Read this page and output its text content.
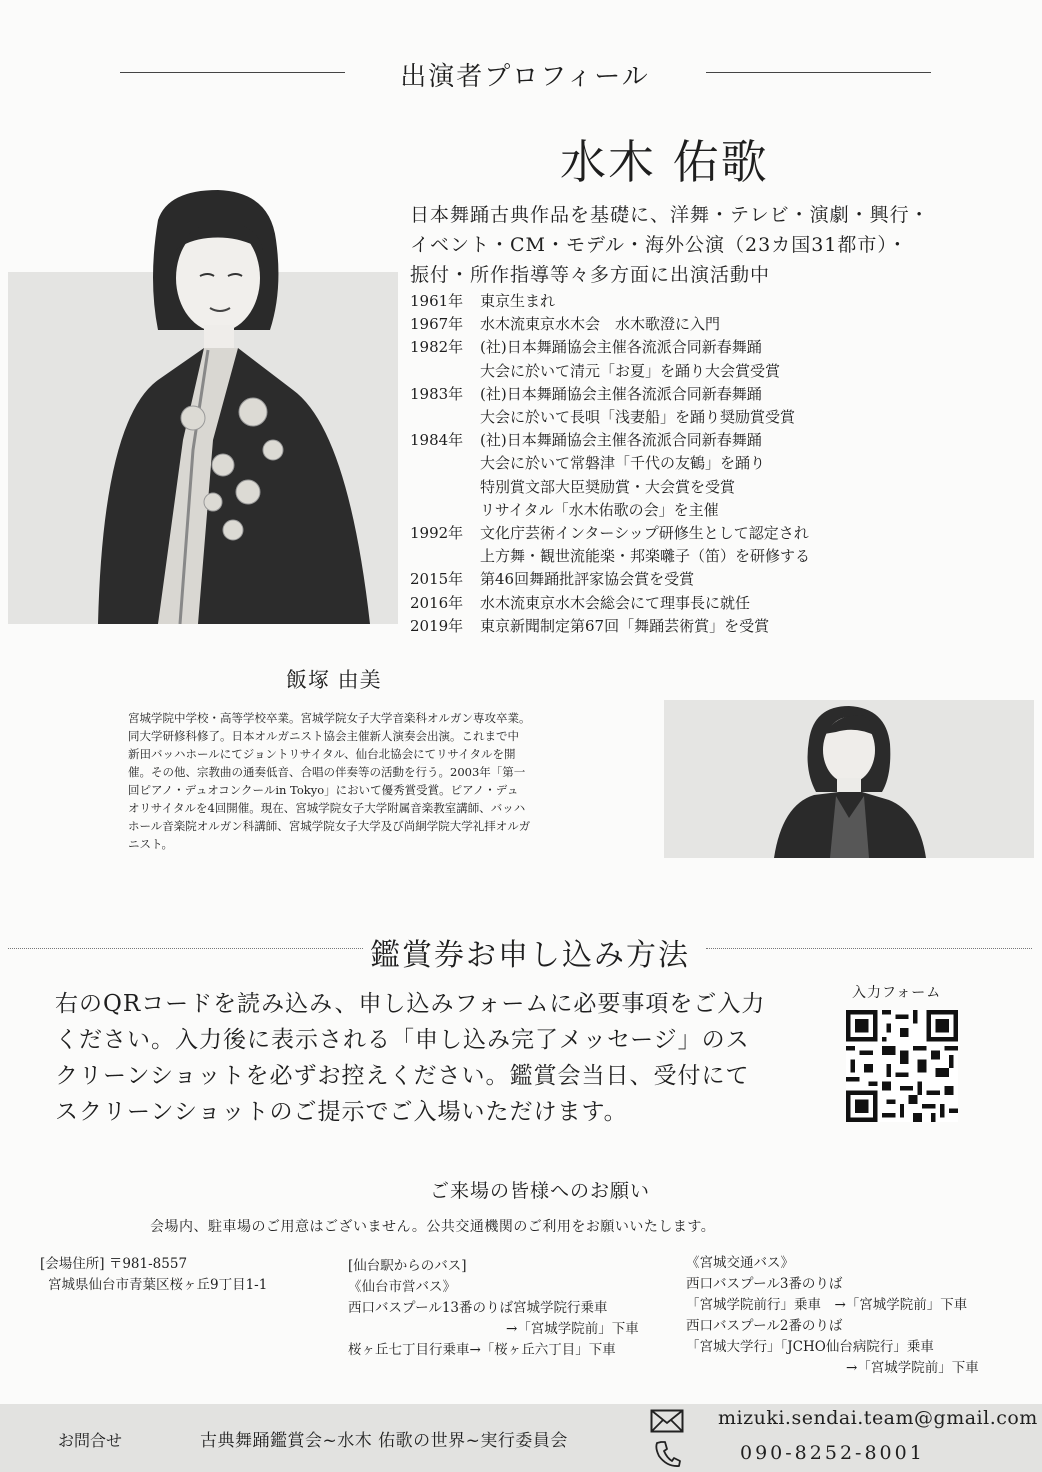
出演者プロフィール
水木 佑歌
日本舞踊古典作品を基礎に、洋舞・テレビ・演劇・興行・
イベント・CM・モデル・海外公演（23カ国31都市）・
振付・所作指導等々多方面に出演活動中
1961年	東京生まれ
1967年	水木流東京水木会　水木歌澄に入門
1982年	(社)日本舞踊協会主催各流派合同新春舞踊
大会に於いて清元「お夏」を踊り大会賞受賞
1983年	(社)日本舞踊協会主催各流派合同新春舞踊
大会に於いて長唄「浅妻船」を踊り奨励賞受賞
1984年	(社)日本舞踊協会主催各流派合同新春舞踊
大会に於いて常磐津「千代の友鶴」を踊り
特別賞文部大臣奨励賞・大会賞を受賞
リサイタル「水木佑歌の会」を主催
1992年	文化庁芸術インターシップ研修生として認定され
上方舞・観世流能楽・邦楽囃子（笛）を研修する
2015年	第46回舞踊批評家協会賞を受賞
2016年	水木流東京水木会総会にて理事長に就任
2019年	東京新聞制定第67回「舞踊芸術賞」を受賞
飯塚 由美
宮城学院中学校・高等学校卒業。宮城学院女子大学音楽科オルガン専攻卒業。
同大学研修科修了。日本オルガニスト協会主催新人演奏会出演。これまで中
新田バッハホールにてジョントリサイタル、仙台北協会にてリサイタルを開
催。その他、宗教曲の通奏低音、合唱の伴奏等の活動を行う。2003年「第一
回ピアノ・デュオコンクールin Tokyo」において優秀賞受賞。ピアノ・デュ
オリサイタルを4回開催。現在、宮城学院女子大学附属音楽教室講師、バッハ
ホール音楽院オルガン科講師、宮城学院女子大学及び尚絅学院大学礼拝オルガ
ニスト。
鑑賞券お申し込み方法
右のQRコードを読み込み、申し込みフォームに必要事項をご入力
ください。入力後に表示される「申し込み完了メッセージ」のス
クリーンショットを必ずお控えください。鑑賞会当日、受付にて
スクリーンショットのご提示でご入場いただけます。
入力フォーム
ご来場の皆様へのお願い
会場内、駐車場のご用意はございません。公共交通機関のご利用をお願いいたします。
[会場住所] 〒981-8557
宮城県仙台市青葉区桜ヶ丘9丁目1-1
[仙台駅からのバス]
《仙台市営バス》
西口バスプール13番のりば宮城学院行乗車
→「宮城学院前」下車
桜ヶ丘七丁目行乗車→「桜ヶ丘六丁目」下車
《宮城交通バス》
西口バスプール3番のりば
「宮城学院前行」乗車　→「宮城学院前」下車
西口バスプール2番のりば
「宮城大学行」「JCHO仙台病院行」乗車
→「宮城学院前」下車
お問合せ	古典舞踊鑑賞会~水木 佑歌の世界~実行委員会
mizuki.sendai.team@gmail.com
090-8252-8001
